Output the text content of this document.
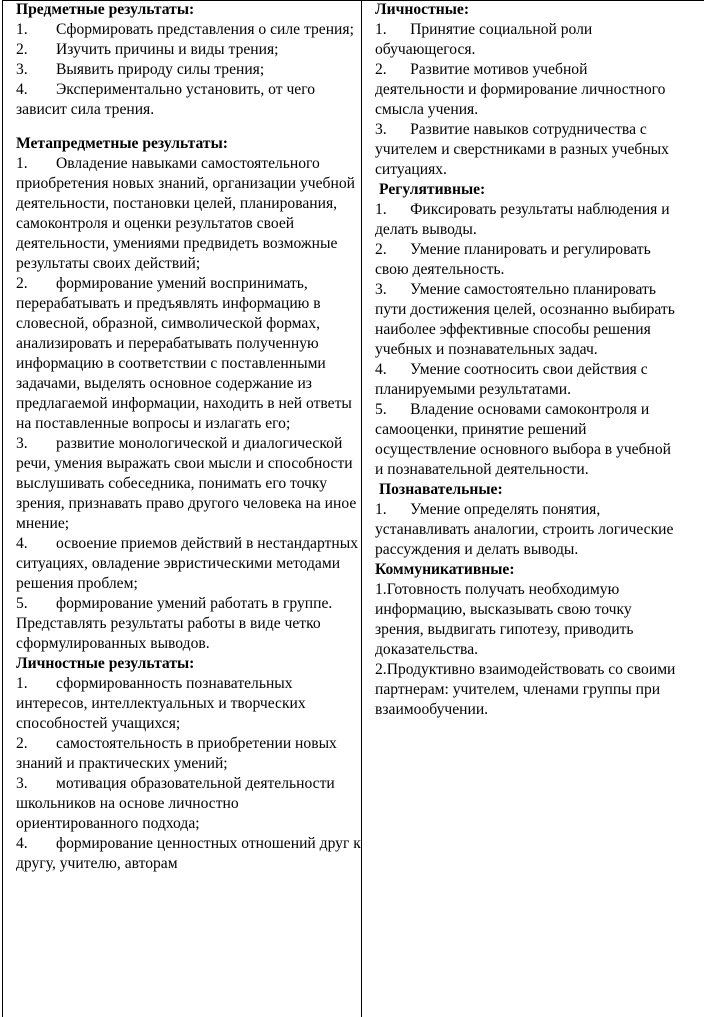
Предметные результаты:
1. Сформировать представления о силе трения;
2. Изучить причины и виды трения;
3. Выявить природу силы трения;
4. Экспериментально установить, от чего зависит сила трения.
Метапредметные результаты:
1. Овладение навыками самостоятельного приобретения новых знаний, организации учебной деятельности, постановки целей, планирования, самоконтроля и оценки результатов своей деятельности, умениями предвидеть возможные результаты своих действий;
2. формирование умений воспринимать, перерабатывать и предъявлять информацию в словесной, образной, символической формах, анализировать и перерабатывать полученную информацию в соответствии с поставленными задачами, выделять основное содержание из предлагаемой информации, находить в ней ответы на поставленные вопросы и излагать его;
3. развитие монологической и диалогической речи, умения выражать свои мысли и способности выслушивать собеседника, понимать его точку зрения, признавать право другого человека на иное мнение;
4. освоение приемов действий в нестандартных ситуациях, овладение эвристическими методами решения проблем;
5. формирование умений работать в группе. Представлять результаты работы в виде четко сформулированных выводов.
Личностные результаты:
1. сформированность познавательных интересов, интеллектуальных и творческих способностей учащихся;
2. самостоятельность в приобретении новых знаний и практических умений;
3. мотивация образовательной деятельности школьников на основе личностно ориентированного подхода;
4. формирование ценностных отношений друг к другу, учителю, авторам
Личностные:
1.      Принятие социальной роли
обучающегося.
2.      Развитие мотивов учебной
деятельности и формирование личностного
смысла учения.
3.      Развитие навыков сотрудничества с
учителем и сверстниками в разных учебных
ситуациях.
Регулятивные:
1.      Фиксировать результаты наблюдения и
делать выводы.
2.      Умение планировать и регулировать
свою деятельность.
3.      Умение самостоятельно планировать
пути достижения целей, осознанно выбирать
наиболее эффективные способы решения
учебных и познавательных задач.
4.      Умение соотносить свои действия с
планируемыми результатами.
5.      Владение основами самоконтроля и
самооценки, принятие решений
осуществление основного выбора в учебной
и познавательной деятельности.
Познавательные:
1.      Умение определять понятия,
устанавливать аналогии, строить логические
рассуждения и делать выводы.
Коммуникативные:
1.Готовность получать необходимую
информацию, высказывать свою точку
зрения, выдвигать гипотезу, приводить
доказательства.
2.Продуктивно взаимодействовать со своими
партнерам: учителем, членами группы при
взаимообучении.
